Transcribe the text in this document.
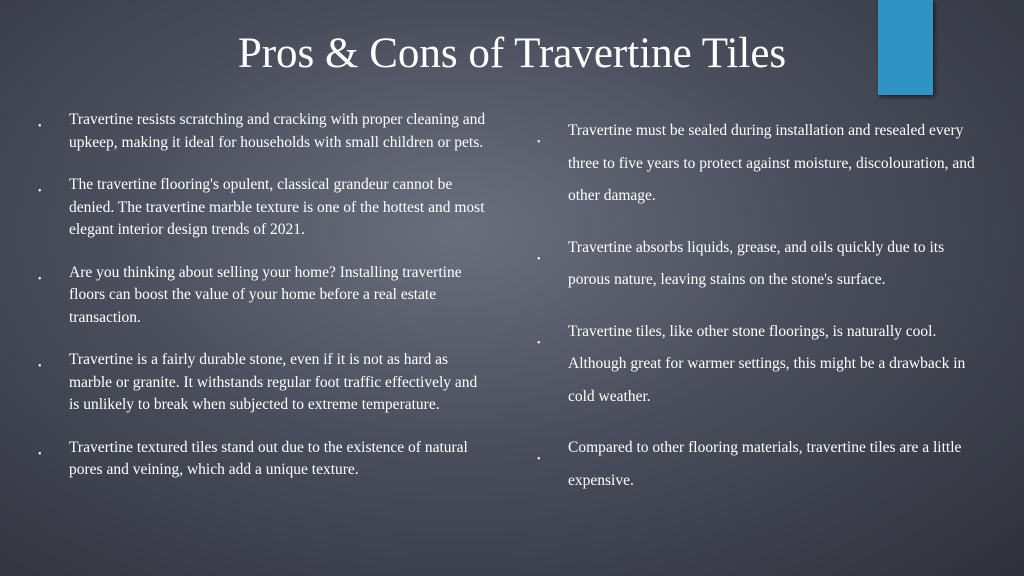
Pros & Cons of Travertine Tiles
• Travertine resists scratching and cracking with proper cleaning and upkeep, making it ideal for households with small children or pets.
• The travertine flooring's opulent, classical grandeur cannot be denied. The travertine marble texture is one of the hottest and most elegant interior design trends of 2021.
• Are you thinking about selling your home? Installing travertine floors can boost the value of your home before a real estate transaction.
• Travertine is a fairly durable stone, even if it is not as hard as marble or granite. It withstands regular foot traffic effectively and is unlikely to break when subjected to extreme temperature.
• Travertine textured tiles stand out due to the existence of natural pores and veining, which add a unique texture.
•
Travertine must be sealed during installation and resealed every three to five years to protect against moisture, discolouration, and other damage.
•
Travertine absorbs liquids, grease, and oils quickly due to its porous nature, leaving stains on the stone's surface.
•
Travertine tiles, like other stone floorings, is naturally cool. Although great for warmer settings, this might be a drawback in cold weather.
•
Compared to other flooring materials, travertine tiles are a little expensive.
